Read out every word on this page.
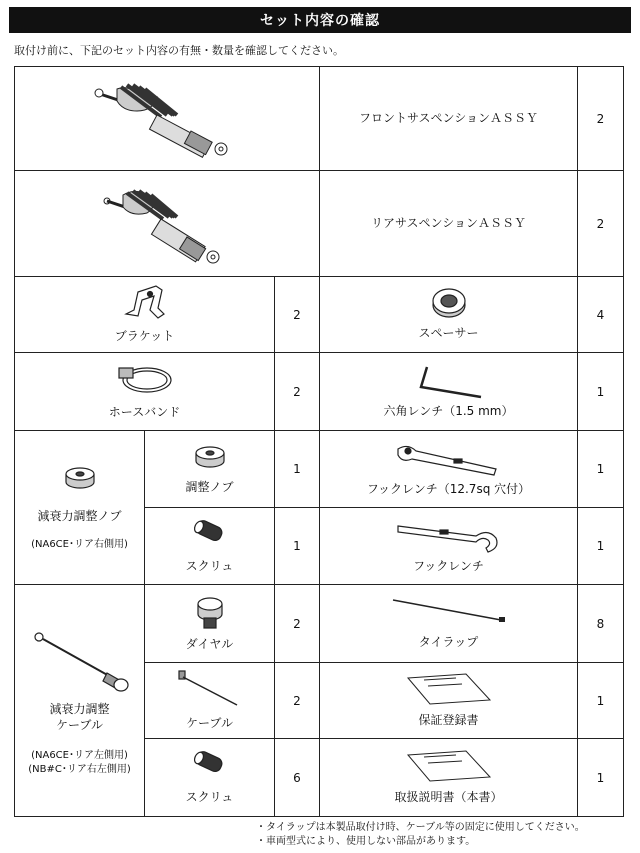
セット内容の確認
取付け前に、下記のセット内容の有無・数量を確認してください。
フロントサスペンションＡＳＳＹ	2
リアサスペンションＡＳＳＹ	2
ブラケット
2
スペーサー
4
ホースバンド
2
六角レンチ（1.5 mm）
1
減衰力調整ノブ
(NA6CE･リア右側用)
調整ノブ
1
フックレンチ（12.7sq 穴付）
1
スクリュ
1
フックレンチ
1
減衰力調整
ケーブル
(NA6CE･リア左側用)
(NB#C･リア右左側用)
ダイヤル
2
タイラップ
8
ケーブル
2
保証登録書
1
スクリュ
6
取扱説明書（本書）
1
・タイラップは本製品取付け時、ケーブル等の固定に使用してください。
・車両型式により、使用しない部品があります。
